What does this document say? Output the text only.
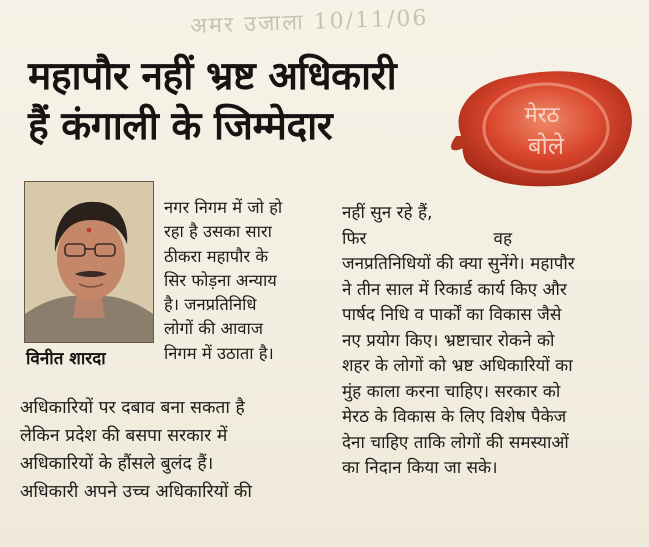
अमर उजाला 10/11/06
महापौर नहीं भ्रष्ट अधिकारी
हैं कंगाली के जिम्मेदार	मेरठ
बोले
विनीत शारदा
नगर निगम में जो हो
रहा है उसका सारा
ठीकरा महापौर के
सिर फोड़ना अन्याय
है। जनप्रतिनिधि
लोगों की आवाज
निगम में उठाता है।
अधिकारियों पर दबाव बना सकता है
लेकिन प्रदेश की बसपा सरकार में
अधिकारियों के हौंसले बुलंद हैं।
अधिकारी अपने उच्च अधिकारियों की
नहीं सुन रहे हैं,
फिर	वह
जनप्रतिनिधियों की क्या सुनेंगे। महापौर
ने तीन साल में रिकार्ड कार्य किए और
पार्षद निधि व पार्कों का विकास जैसे
नए प्रयोग किए। भ्रष्टाचार रोकने को
शहर के लोगों को भ्रष्ट अधिकारियों का
मुंह काला करना चाहिए। सरकार को
मेरठ के विकास के लिए विशेष पैकेज
देना चाहिए ताकि लोगों की समस्याओं
का निदान किया जा सके।
